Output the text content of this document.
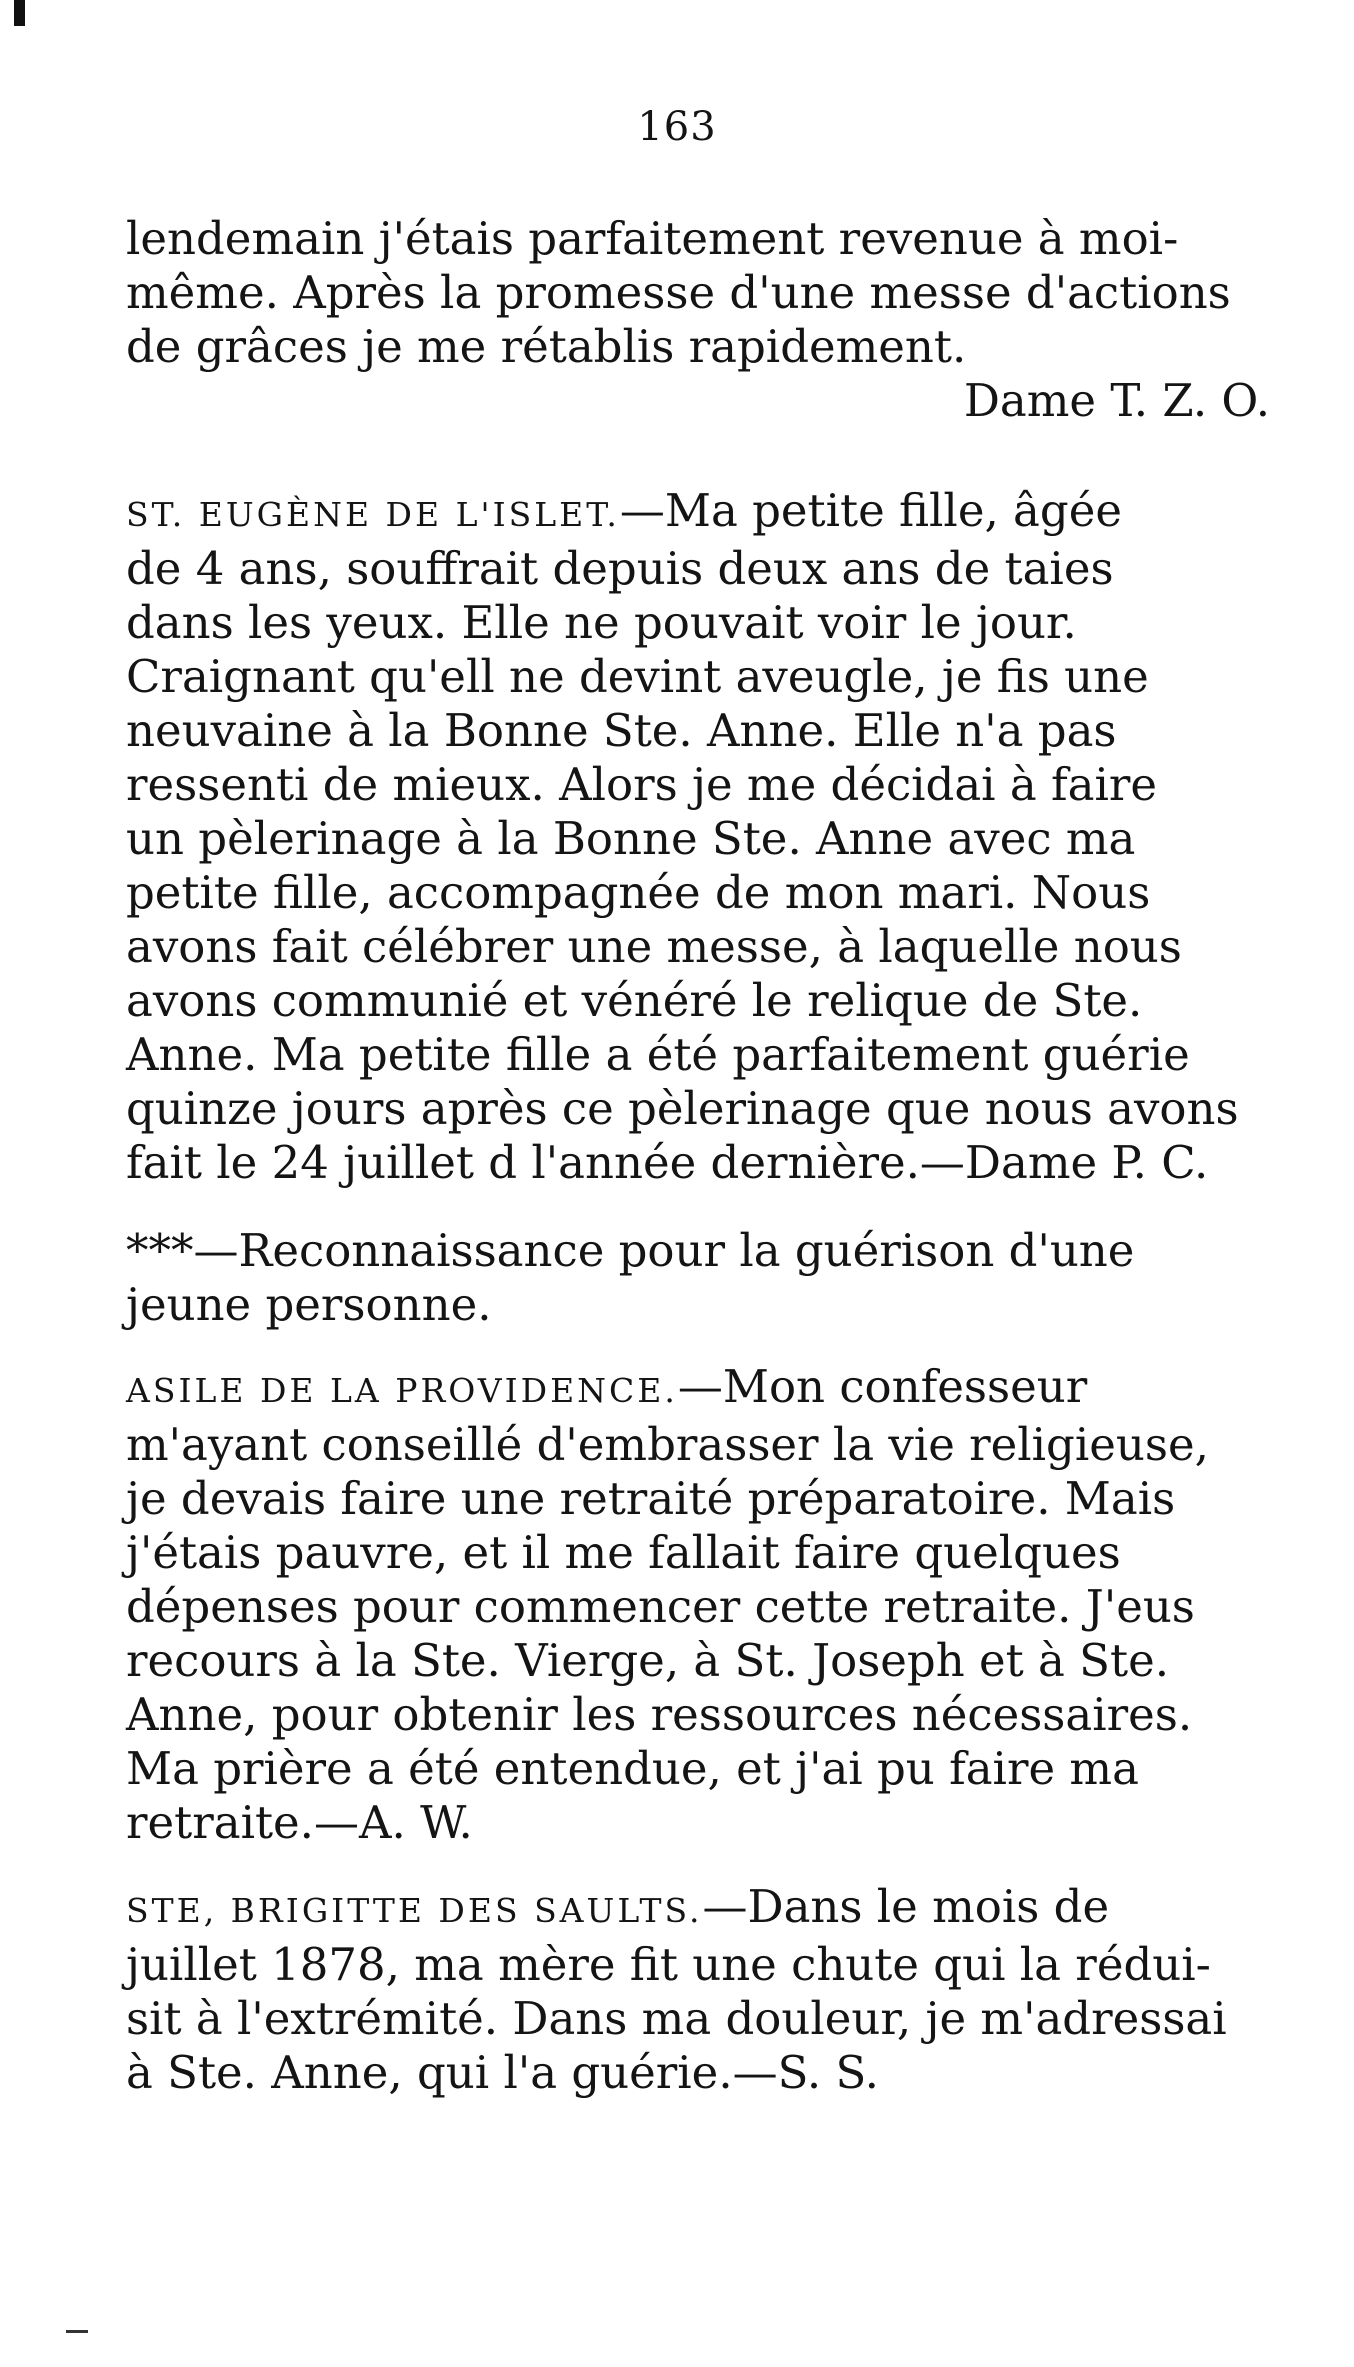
163
lendemain j'étais parfaitement revenue à moi-
même. Après la promesse d'une messe d'actions
de grâces je me rétablis rapidement.
Dame T. Z. O.
ST. EUGÈNE DE L'ISLET.—Ma petite fille, âgée
de 4 ans, souffrait depuis deux ans de taies
dans les yeux. Elle ne pouvait voir le jour.
Craignant qu'ell ne devint aveugle, je fis une
neuvaine à la Bonne Ste. Anne. Elle n'a pas
ressenti de mieux. Alors je me décidai à faire
un pèlerinage à la Bonne Ste. Anne avec ma
petite fille, accompagnée de mon mari. Nous
avons fait célébrer une messe, à laquelle nous
avons communié et vénéré le relique de Ste.
Anne. Ma petite fille a été parfaitement guérie
quinze jours après ce pèlerinage que nous avons
fait le 24 juillet d l'année dernière.—Dame P. C.
***—Reconnaissance pour la guérison d'une
jeune personne.
ASILE DE LA PROVIDENCE.—Mon confesseur
m'ayant conseillé d'embrasser la vie religieuse,
je devais faire une retraité préparatoire. Mais
j'étais pauvre, et il me fallait faire quelques
dépenses pour commencer cette retraite. J'eus
recours à la Ste. Vierge, à St. Joseph et à Ste.
Anne, pour obtenir les ressources nécessaires.
Ma prière a été entendue, et j'ai pu faire ma
retraite.—A. W.
STE, BRIGITTE DES SAULTS.—Dans le mois de
juillet 1878, ma mère fit une chute qui la rédui-
sit à l'extrémité. Dans ma douleur, je m'adressai
à Ste. Anne, qui l'a guérie.—S. S.
